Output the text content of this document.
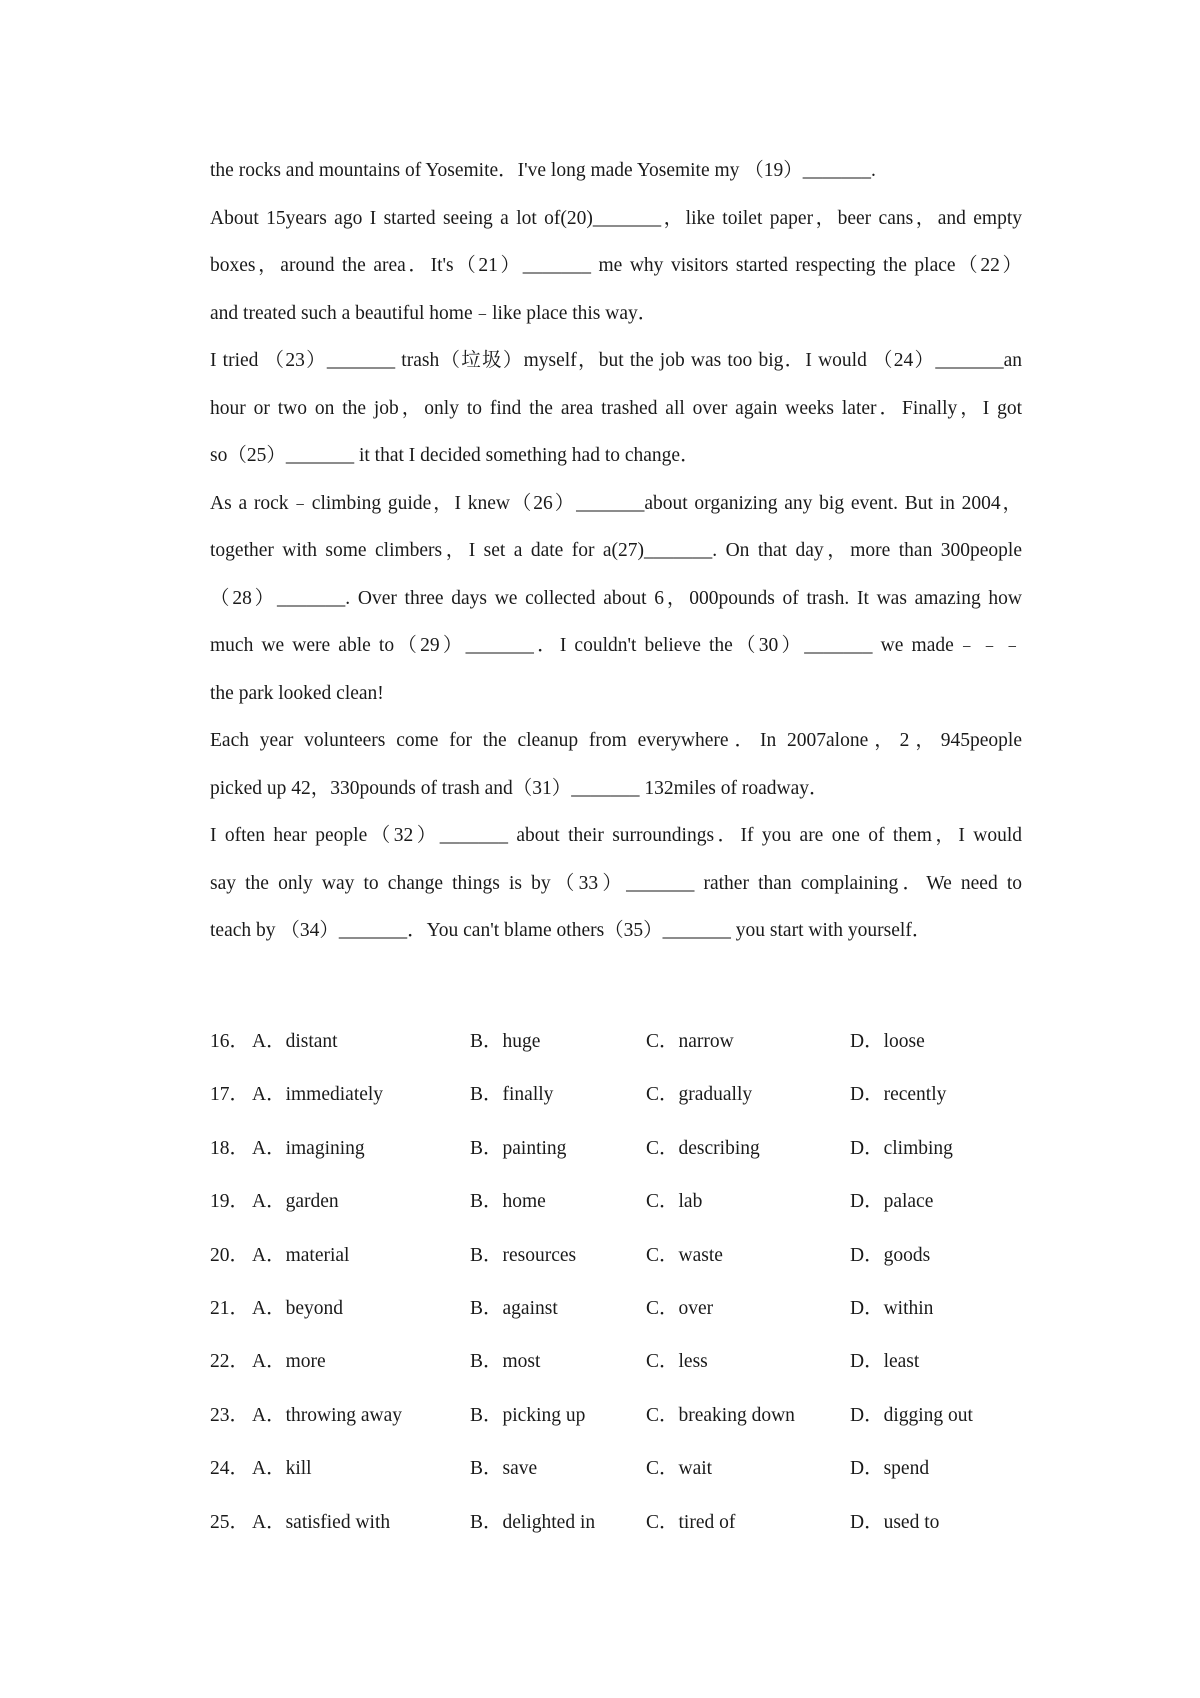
the rocks and mountains of Yosemite．I've long made Yosemite my （19）_______.
About 15years ago I started seeing a lot of(20)_______，like toilet paper，beer cans，and empty
boxes，around the area．It's（21）_______ me why visitors started respecting the place（22）
and treated such a beautiful home﹣like place this way．
I tried （23）_______ trash（垃圾）myself，but the job was too big．I would （24）_______an
hour or two on the job，only to find the area trashed all over again weeks later．Finally，I got
so（25）_______ it that I decided something had to change．
As a rock﹣climbing guide，I knew（26）_______about organizing any big event. But in 2004，
together with some climbers，I set a date for a(27)_______. On that day，more than 300people
（28）_______. Over three days we collected about 6，000pounds of trash. It was amazing how
much we were able to（29）_______．I couldn't believe the（30）_______ we made﹣﹣﹣
the park looked clean!
Each year volunteers come for the cleanup from everywhere．In 2007alone，2，945people
picked up 42，330pounds of trash and（31）_______ 132miles of roadway．
I often hear people（32）_______ about their surroundings．If you are one of them，I would
say the only way to change things is by（33）_______ rather than complaining．We need to
teach by （34）_______．You can't blame others（35）_______ you start with yourself．
16． A．distant	B．huge	C．narrow	D．loose
17． A．immediately	B．finally	C．gradually	D．recently
18． A．imagining	B．painting	C．describing	D．climbing
19． A．garden	B．home	C．lab	D．palace
20． A．material	B．resources	C．waste	D．goods
21． A．beyond	B．against	C．over	D．within
22． A．more	B．most	C．less	D．least
23． A．throwing away	B．picking up	C．breaking down	D．digging out
24． A．kill	B．save	C．wait	D．spend
25． A．satisfied with	B．delighted in	C．tired of	D．used to
